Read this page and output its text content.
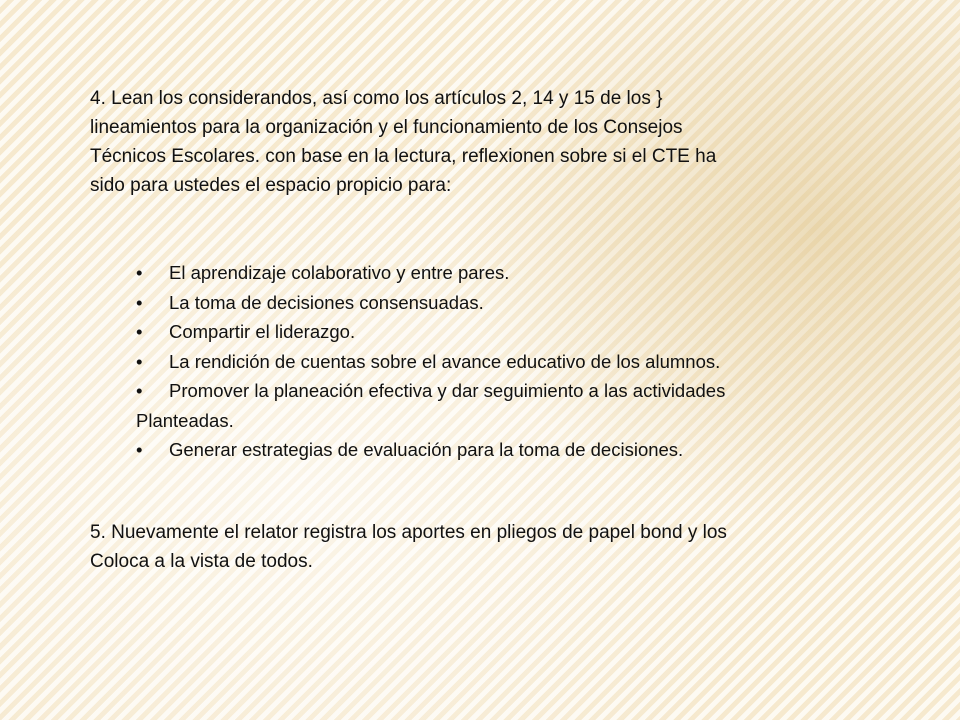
4. Lean los considerandos, así como los artículos 2, 14 y 15 de los }
lineamientos para la organización y el funcionamiento de los Consejos
Técnicos Escolares. con base en la lectura, reflexionen sobre si el CTE ha
sido para ustedes el espacio propicio para:

• El aprendizaje colaborativo y entre pares.
• La toma de decisiones consensuadas.
• Compartir el liderazgo.
• La rendición de cuentas sobre el avance educativo de los alumnos.
• Promover la planeación efectiva y dar seguimiento a las actividades
Planteadas.
• Generar estrategias de evaluación para la toma de decisiones.

5. Nuevamente el relator registra los aportes en pliegos de papel bond y los
Coloca a la vista de todos.
